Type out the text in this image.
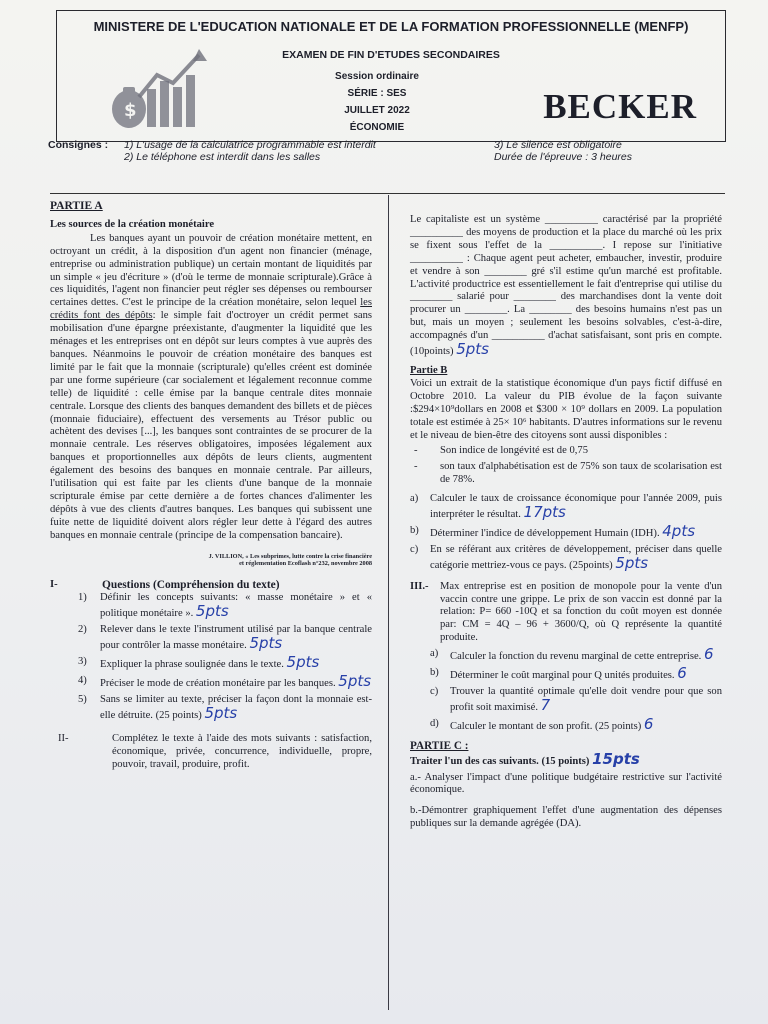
MINISTERE DE L'EDUCATION NATIONALE ET DE LA FORMATION PROFESSIONNELLE (MENFP)
EXAMEN DE FIN D'ETUDES SECONDAIRES
$
Session ordinaire
SÉRIE : SES
JUILLET 2022
ÉCONOMIE
BECKER
Consignes :	1) L'usage de la calculatrice programmable est interdit	3) Le silence est obligatoire
2) Le téléphone est interdit dans les salles	Durée de l'épreuve : 3 heures

PARTIE A

Les sources de la création monétaire

Les banques ayant un pouvoir de création monétaire mettent, en octroyant un crédit, à la disposition d'un agent non financier (ménage, entreprise ou administration publique) un certain montant de liquidités par un simple « jeu d'écriture » (d'où le terme de monnaie scripturale).Grâce à ces liquidités, l'agent non financier peut régler ses dépenses ou rembourser certaines dettes. C'est le principe de la création monétaire, selon lequel les crédits font des dépôts: le simple fait d'octroyer un crédit permet sans mobilisation d'une épargne préexistante, d'augmenter la liquidité que les ménages et les entreprises ont en dépôt sur leurs comptes à vue auprès des banques. Néanmoins le pouvoir de création monétaire des banques est limité par le fait que la monnaie (scripturale) qu'elles créent est dominée par une forme supérieure (car socialement et légalement reconnue comme telle) de liquidité : celle émise par la banque centrale dites monnaie centrale. Lorsque des clients des banques demandent des billets et de pièces (monnaie fiduciaire), effectuent des versements au Trésor public ou achètent des devises [...], les banques sont contraintes de se procurer de la monnaie centrale. Les réserves obligatoires, imposées légalement aux banques et proportionnelles aux dépôts de leurs clients, augmentent également des besoins des banques en monnaie centrale. Par ailleurs, l'utilisation qui est faite par les clients d'une banque de la monnaie scripturale émise par cette dernière a de fortes chances d'alimenter les dépôts à vue des clients d'autres banques. Les banques qui subissent une fuite nette de liquidité doivent alors régler leur dette à l'égard des autres banques en monnaie centrale (principe de la compensation bancaire).

J. VILLION, « Les subprimes, lutte contre la crise financière
et réglementation Ecoflash n°232, novembre 2008
I-	Questions (Compréhension du texte)
1)	Définir les concepts suivants: « masse monétaire » et « politique monétaire ». 5pts
2)	Relever dans le texte l'instrument utilisé par la banque centrale pour contrôler la masse monétaire. 5pts
3)	Expliquer la phrase soulignée dans le texte. 5pts
4)	Préciser le mode de création monétaire par les banques. 5pts
5)	Sans se limiter au texte, préciser la façon dont la monnaie est-elle détruite. (25 points) 5pts
II-	Complétez le texte à l'aide des mots suivants : satisfaction, économique, privée, concurrence, individuelle, propre, pouvoir, travail, produire, profit.

Le capitaliste est un système __________ caractérisé par la propriété __________ des moyens de production et la place du marché où les prix se fixent sous l'effet de la __________. I repose sur l'initiative __________ : Chaque agent peut acheter, embaucher, investir, produire et vendre à son ________ gré s'il estime qu'un marché est profitable. L'activité productrice est essentiellement le fait d'entreprise qui utilise du ________ salarié pour ________ des marchandises dont la vente doit procurer un ________. La ________ des besoins humains n'est pas un but, mais un moyen ; seulement les besoins solvables, c'est-à-dire, accompagnés d'un __________ d'achat satisfaisant, sont pris en compte. (10points) 5pts

Partie B

Voici un extrait de la statistique économique d'un pays fictif diffusé en Octobre 2010. La valeur du PIB évolue de la façon suivante :$294×10⁹dollars en 2008 et $300 × 10⁹ dollars en 2009. La population totale est estimée à 25× 10⁶ habitants. D'autres informations sur le revenu et le niveau de bien-être des citoyens sont aussi disponibles :

-	Son indice de longévité est de 0,75
-	son taux d'alphabétisation est de 75% son taux de scolarisation est de 78%.
a)	Calculer le taux de croissance économique pour l'année 2009, puis interpréter le résultat. 17pts
b)	Déterminer l'indice de développement Humain (IDH). 4pts
c)	En se référant aux critères de développement, préciser dans quelle catégorie mettriez-vous ce pays. (25points) 5pts
III.-	Max entreprise est en position de monopole pour la vente d'un vaccin contre une grippe. Le prix de son vaccin est donné par la relation: P= 660 -10Q et sa fonction du coût moyen est donnée par: CM = 4Q – 96 + 3600/Q, où Q représente la quantité produite.
a)	Calculer la fonction du revenu marginal de cette entreprise. 6
b)	Déterminer le coût marginal pour Q unités produites. 6
c)	Trouver la quantité optimale qu'elle doit vendre pour que son profit soit maximisé. 7
d)	Calculer le montant de son profit. (25 points) 6

PARTIE C :

Traiter l'un des cas suivants. (15 points) 15pts

a.- Analyser l'impact d'une politique budgétaire restrictive sur l'activité économique.

b.-Démontrer graphiquement l'effet d'une augmentation des dépenses publiques sur la demande agrégée (DA).
